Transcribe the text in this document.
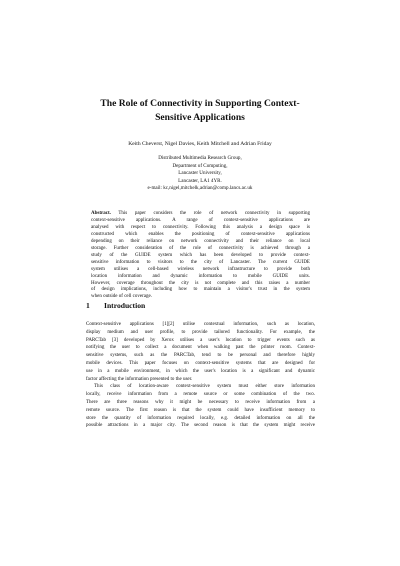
The Role of Connectivity in Supporting Context-
Sensitive Applications
Keith Cheverst, Nigel Davies, Keith Mitchell and Adrian Friday
Distributed Multimedia Research Group,
Department of Computing,
Lancaster University,
Lancaster, LA1 4YR.
e-mail: kc,nigel,mitchelk,adrian@comp.lancs.ac.uk
Abstract. This paper considers the role of network connectivity in supporting
context-sensitive applications. A range of context-sensitive applications are
analysed with respect to connectivity. Following this analysis a design space is
constructed which enables the positioning of context-sensitive applications
depending on their reliance on network connectivity and their reliance on local
storage. Further consideration of the role of connectivity is achieved through a
study of the GUIDE system which has been developed to provide context-
sensitive information to visitors to the city of Lancaster. The current GUIDE
system utilises a cell-based wireless network infrastructure to provide both
location information and dynamic information to mobile GUIDE units.
However, coverage throughout the city is not complete and this raises a number
of design implications, including how to maintain a visitor's trust in the system
when outside of cell coverage.
1 Introduction
Context-sensitive applications [1][2] utilise contextual information, such as location,
display medium and user profile, to provide tailored functionality. For example, the
PARCTab [3] developed by Xerox utilises a user's location to trigger events such as
notifying the user to collect a document when walking past the printer room. Context-
sensitive systems, such as the PARCTab, tend to be personal and therefore highly
mobile devices. This paper focuses on context-sensitive systems that are designed for
use in a mobile environment, in which the user's location is a significant and dynamic
factor affecting the information presented to the user.
This class of location-aware context-sensitive system must either store information
locally, receive information from a remote source or some combination of the two.
There are three reasons why it might be necessary to receive information from a
remote source. The first reason is that the system could have insufficient memory to
store the quantity of information required locally, e.g. detailed information on all the
possible attractions in a major city. The second reason is that the system might receive
